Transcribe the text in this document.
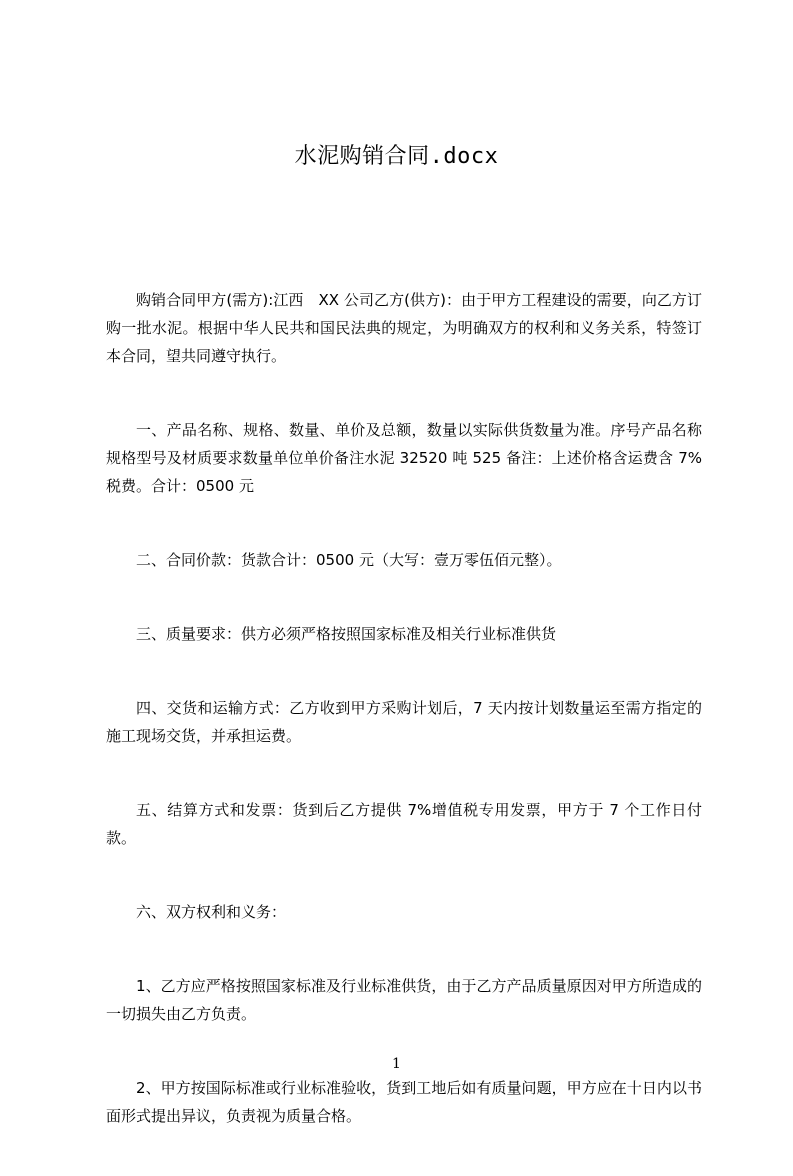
水泥购销合同.docx

购销合同甲方(需方):江西　XX 公司乙方(供方)：由于甲方工程建设的需要，向乙方订购一批水泥。根据中华人民共和国民法典的规定，为明确双方的权利和义务关系，特签订本合同，望共同遵守执行。

一、产品名称、规格、数量、单价及总额，数量以实际供货数量为准。序号产品名称规格型号及材质要求数量单位单价备注水泥 32520 吨 525 备注：上述价格含运费含 7%税费。合计：0500 元

二、合同价款：货款合计：0500 元（大写：壹万零伍佰元整）。

三、质量要求：供方必须严格按照国家标准及相关行业标准供货

四、交货和运输方式：乙方收到甲方采购计划后，7 天内按计划数量运至需方指定的施工现场交货，并承担运费。

五、结算方式和发票：货到后乙方提供 7%增值税专用发票，甲方于 7 个工作日付款。

六、双方权利和义务：

1、乙方应严格按照国家标准及行业标准供货，由于乙方产品质量原因对甲方所造成的一切损失由乙方负责。

2、甲方按国际标准或行业标准验收，货到工地后如有质量问题，甲方应在十日内以书面形式提出异议，负责视为质量合格。

1
